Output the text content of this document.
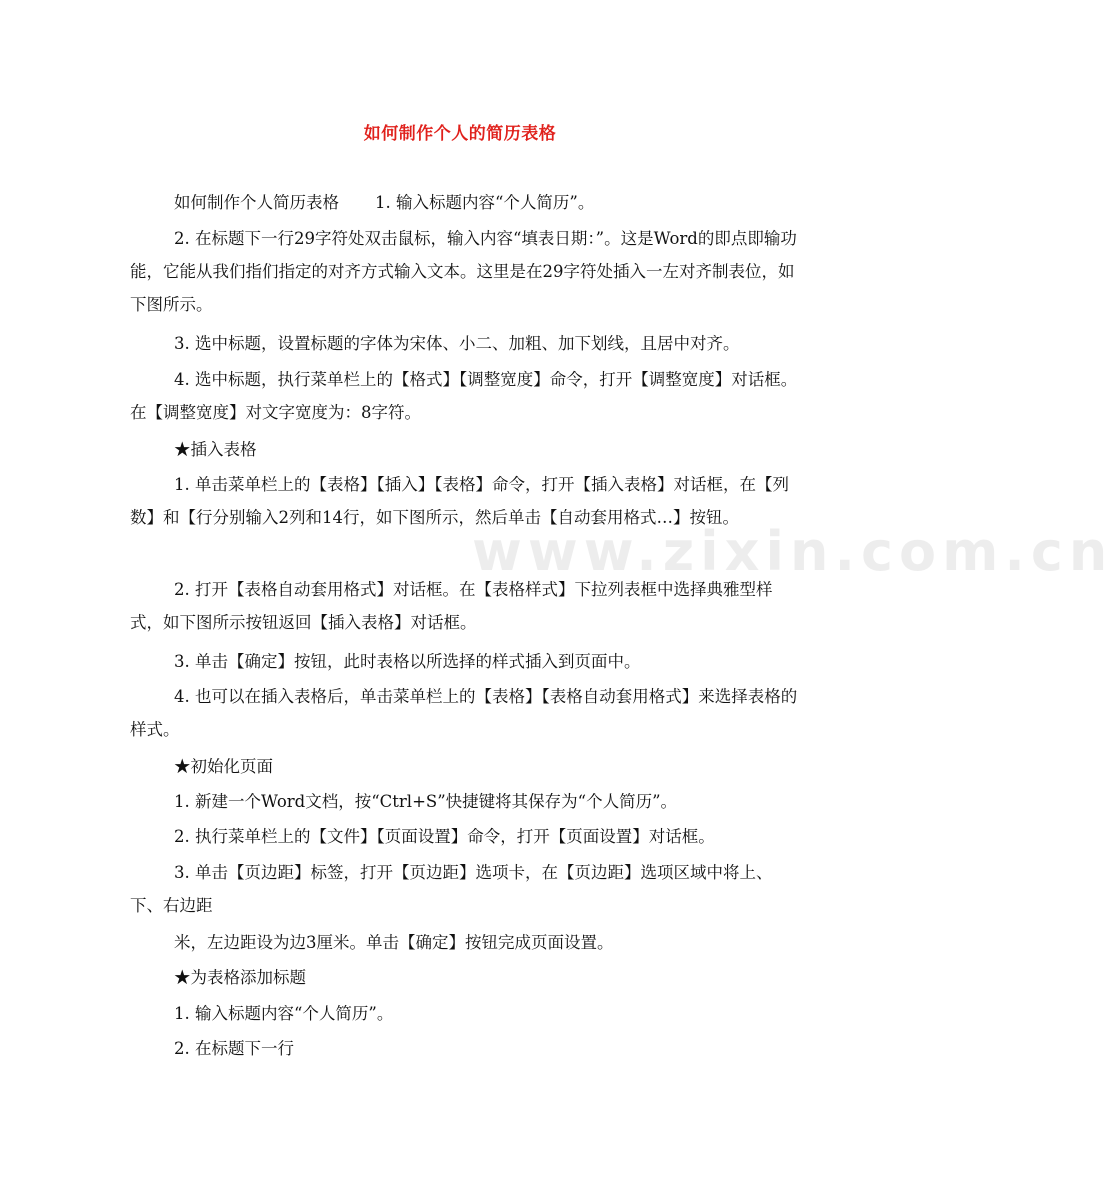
www.zixin.com.cn
如何制作个人的简历表格

如何制作个人简历表格 1. 输入标题内容“个人简历”。

2. 在标题下一行29字符处双击鼠标，输入内容“填表日期：”。这是Word的即点即输功能，它能从我们指们指定的对齐方式输入文本。这里是在29字符处插入一左对齐制表位，如下图所示。

3. 选中标题，设置标题的字体为宋体、小二、加粗、加下划线，且居中对齐。

4. 选中标题，执行菜单栏上的【格式】【调整宽度】命令，打开【调整宽度】对话框。在【调整宽度】对文字宽度为：8字符。

★插入表格

1. 单击菜单栏上的【表格】【插入】【表格】命令，打开【插入表格】对话框，在【列数】和【行分别输入2列和14行，如下图所示，然后单击【自动套用格式…】按钮。

2. 打开【表格自动套用格式】对话框。在【表格样式】下拉列表框中选择典雅型样式，如下图所示按钮返回【插入表格】对话框。

3. 单击【确定】按钮，此时表格以所选择的样式插入到页面中。

4. 也可以在插入表格后，单击菜单栏上的【表格】【表格自动套用格式】来选择表格的样式。

★初始化页面

1. 新建一个Word文档，按“Ctrl+S”快捷键将其保存为“个人简历”。

2. 执行菜单栏上的【文件】【页面设置】命令，打开【页面设置】对话框。

3. 单击【页边距】标签，打开【页边距】选项卡，在【页边距】选项区域中将上、下、右边距

米，左边距设为边3厘米。单击【确定】按钮完成页面设置。

★为表格添加标题

1. 输入标题内容“个人简历”。

2. 在标题下一行
